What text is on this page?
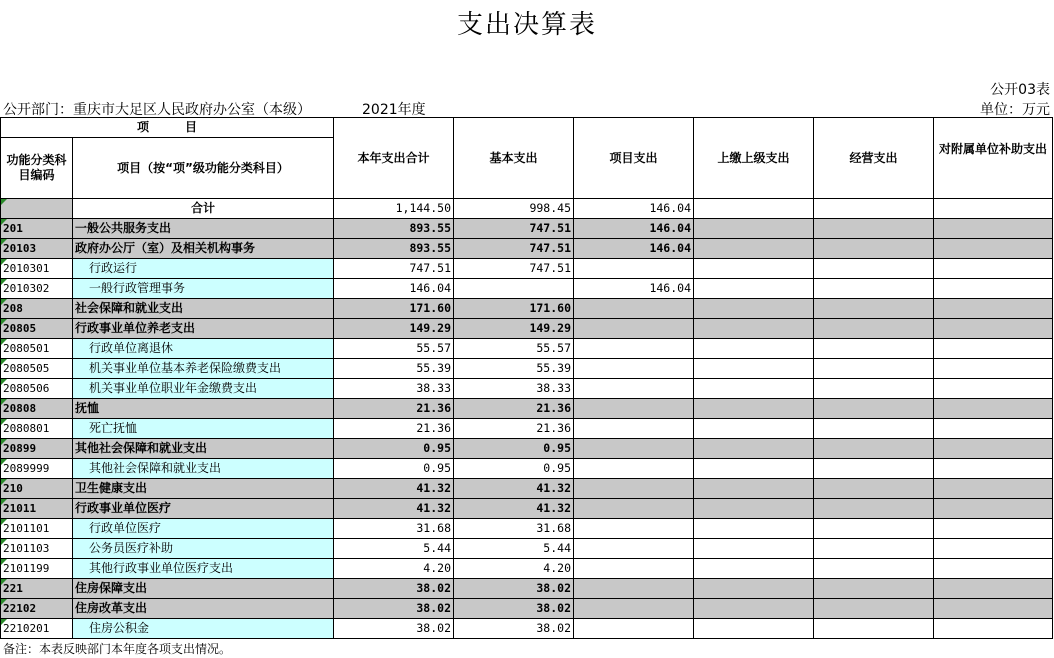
支出决算表
公开03表
公开部门：重庆市大足区人民政府办公室（本级）	2021年度	单位：万元
项　　　目		本年支出合计	基本支出	项目支出	上缴上级支出	经营支出	对附属单位补助支出
功能分类科目编码	项目（按“项”级功能分类科目）						
	合计	1,144.50	998.45	146.04			
201	一般公共服务支出	893.55	747.51	146.04			
20103	政府办公厅（室）及相关机构事务	893.55	747.51	146.04			
2010301	行政运行	747.51	747.51				
2010302	一般行政管理事务	146.04		146.04			
208	社会保障和就业支出	171.60	171.60				
20805	行政事业单位养老支出	149.29	149.29				
2080501	行政单位离退休	55.57	55.57				
2080505	机关事业单位基本养老保险缴费支出	55.39	55.39				
2080506	机关事业单位职业年金缴费支出	38.33	38.33				
20808	抚恤	21.36	21.36				
2080801	死亡抚恤	21.36	21.36				
20899	其他社会保障和就业支出	0.95	0.95				
2089999	其他社会保障和就业支出	0.95	0.95				
210	卫生健康支出	41.32	41.32				
21011	行政事业单位医疗	41.32	41.32				
2101101	行政单位医疗	31.68	31.68				
2101103	公务员医疗补助	5.44	5.44				
2101199	其他行政事业单位医疗支出	4.20	4.20				
221	住房保障支出	38.02	38.02				
22102	住房改革支出	38.02	38.02				
2210201	住房公积金	38.02	38.02				
备注：本表反映部门本年度各项支出情况。
